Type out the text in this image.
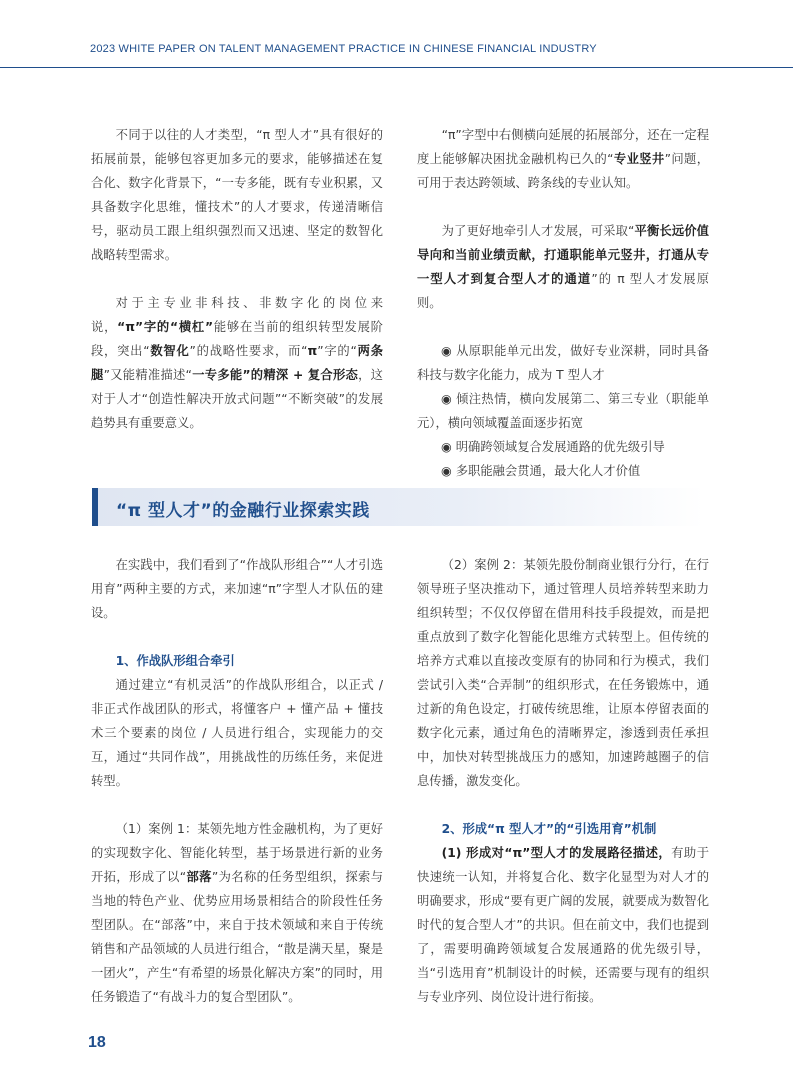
2023 WHITE PAPER ON TALENT MANAGEMENT PRACTICE IN CHINESE FINANCIAL INDUSTRY

不同于以往的人才类型，“π 型人才”具有很好的拓展前景，能够包容更加多元的要求，能够描述在复合化、数字化背景下，“一专多能，既有专业积累，又具备数字化思维，懂技术”的人才要求，传递清晰信号，驱动员工跟上组织强烈而又迅速、坚定的数智化战略转型需求。

对于主专业非科技、非数字化的岗位来说，“π”字的“横杠”能够在当前的组织转型发展阶段，突出“数智化”的战略性要求，而“π”字的“两条腿”又能精准描述“一专多能”的精深 + 复合形态，这对于人才“创造性解决开放式问题”“不断突破”的发展趋势具有重要意义。

“π”字型中右侧横向延展的拓展部分，还在一定程度上能够解决困扰金融机构已久的“专业竖井”问题，可用于表达跨领域、跨条线的专业认知。

为了更好地牵引人才发展，可采取“平衡长远价值导向和当前业绩贡献，打通职能单元竖井，打通从专一型人才到复合型人才的通道”的 π 型人才发展原则。

◉ 从原职能单元出发，做好专业深耕，同时具备科技与数字化能力，成为 T 型人才

◉ 倾注热情，横向发展第二、第三专业（职能单元），横向领域覆盖面逐步拓宽

◉ 明确跨领域复合发展通路的优先级引导

◉ 多职能融会贯通，最大化人才价值

“π 型人才”的金融行业探索实践

在实践中，我们看到了“作战队形组合”“人才引选用育”两种主要的方式，来加速“π”字型人才队伍的建设。

1、作战队形组合牵引

通过建立“有机灵活”的作战队形组合，以正式 / 非正式作战团队的形式，将懂客户 + 懂产品 + 懂技术三个要素的岗位 / 人员进行组合，实现能力的交互，通过“共同作战”，用挑战性的历练任务，来促进转型。

（1）案例 1：某领先地方性金融机构，为了更好的实现数字化、智能化转型，基于场景进行新的业务开拓，形成了以“部落”为名称的任务型组织，探索与当地的特色产业、优势应用场景相结合的阶段性任务型团队。在“部落”中，来自于技术领域和来自于传统销售和产品领域的人员进行组合，“散是满天星，聚是一团火”，产生“有希望的场景化解决方案”的同时，用任务锻造了“有战斗力的复合型团队”。

（2）案例 2：某领先股份制商业银行分行，在行领导班子坚决推动下，通过管理人员培养转型来助力组织转型；不仅仅停留在借用科技手段提效，而是把重点放到了数字化智能化思维方式转型上。但传统的培养方式难以直接改变原有的协同和行为模式，我们尝试引入类“合弄制”的组织形式，在任务锻炼中，通过新的角色设定，打破传统思维，让原本停留表面的数字化元素，通过角色的清晰界定，渗透到责任承担中，加快对转型挑战压力的感知，加速跨越圈子的信息传播，激发变化。

2、形成“π 型人才”的“引选用育”机制

(1) 形成对“π”型人才的发展路径描述，有助于快速统一认知，并将复合化、数字化显型为对人才的明确要求，形成“要有更广阔的发展，就要成为数智化时代的复合型人才”的共识。但在前文中，我们也提到了，需要明确跨领域复合发展通路的优先级引导，当“引选用育”机制设计的时候，还需要与现有的组织与专业序列、岗位设计进行衔接。

18
